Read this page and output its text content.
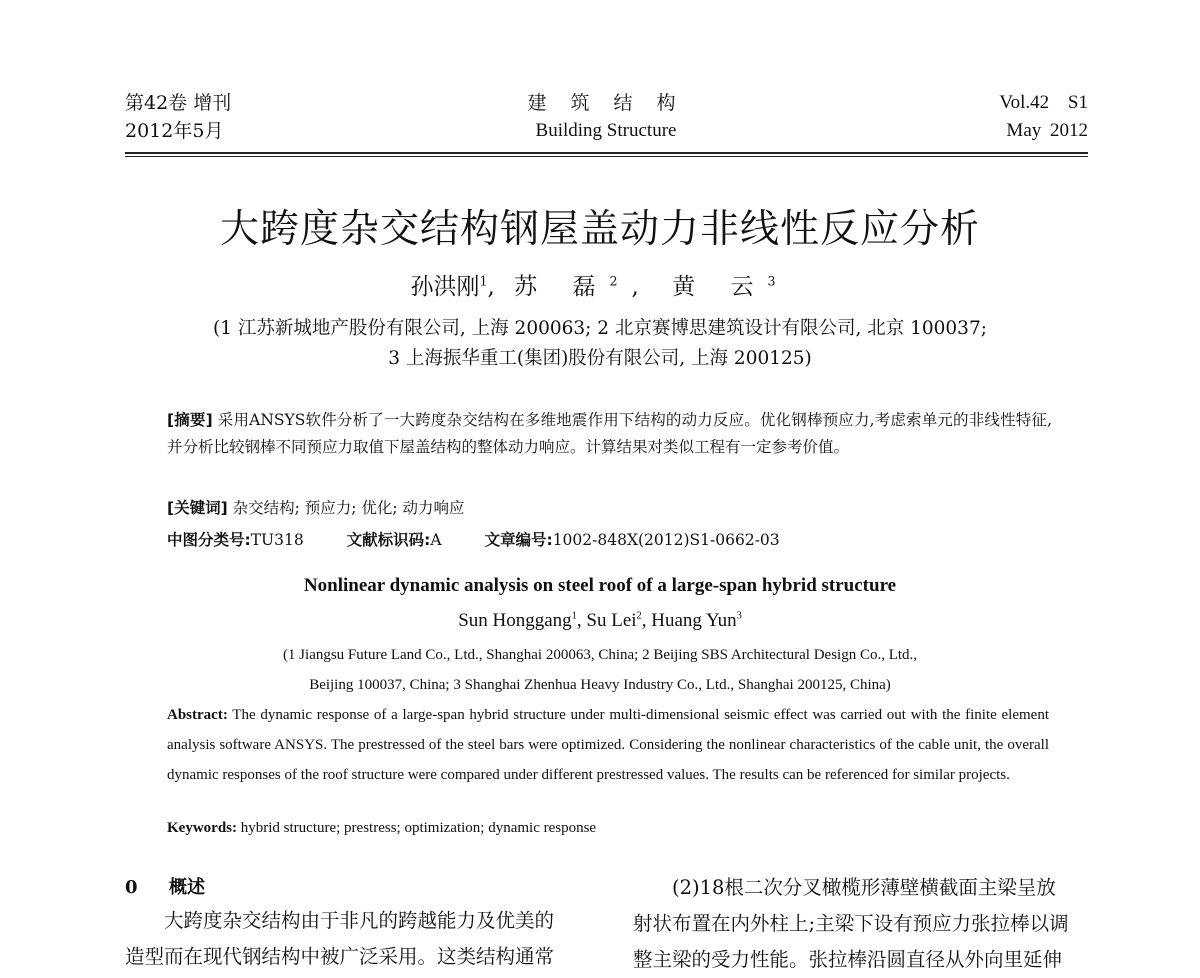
第42卷 增刊
2012年5月
建 筑 结 构
Building Structure
Vol.42 S1
May 2012
大跨度杂交结构钢屋盖动力非线性反应分析
孙洪刚$^1$, 苏 磊$^2$, 黄 云$^3$
(1 江苏新城地产股份有限公司, 上海 200063; 2 北京赛博思建筑设计有限公司, 北京 100037;
3 上海振华重工(集团)股份有限公司, 上海 200125)
[摘要] 采用ANSYS软件分析了一大跨度杂交结构在多维地震作用下结构的动力反应。优化钢棒预应力,考虑索单元的非线性特征,并分析比较钢棒不同预应力取值下屋盖结构的整体动力响应。计算结果对类似工程有一定参考价值。
[关键词] 杂交结构; 预应力; 优化; 动力响应
中图分类号:TU318	文献标识码:A	文章编号:1002-848X(2012)S1-0662-03
Nonlinear dynamic analysis on steel roof of a large-span hybrid structure
Sun Honggang$^1$, Su Lei$^2$, Huang Yun$^3$
(1 Jiangsu Future Land Co., Ltd., Shanghai 200063, China; 2 Beijing SBS Architectural Design Co., Ltd.,
Beijing 100037, China; 3 Shanghai Zhenhua Heavy Industry Co., Ltd., Shanghai 200125, China)
Abstract: The dynamic response of a large-span hybrid structure under multi-dimensional seismic effect was carried out with the finite element analysis software ANSYS. The prestressed of the steel bars were optimized. Considering the nonlinear characteristics of the cable unit, the overall dynamic responses of the roof structure were compared under different prestressed values. The results can be referenced for similar projects.
Keywords: hybrid structure; prestress; optimization; dynamic response
0 概述

大跨度杂交结构由于非凡的跨越能力及优美的

造型而在现代钢结构中被广泛采用。这类结构通常

(2)18根二次分叉橄榄形薄壁横截面主梁呈放

射状布置在内外柱上;主梁下设有预应力张拉棒以调

整主梁的受力性能。张拉棒沿圆直径从外向里延伸
